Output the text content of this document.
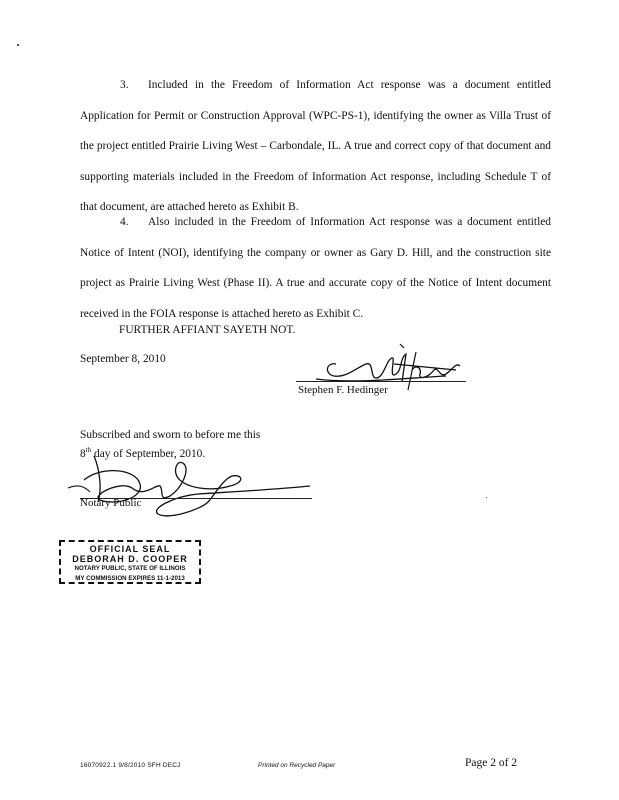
3. Included in the Freedom of Information Act response was a document entitled Application for Permit or Construction Approval (WPC-PS-1), identifying the owner as Villa Trust of the project entitled Prairie Living West – Carbondale, IL. A true and correct copy of that document and supporting materials included in the Freedom of Information Act response, including Schedule T of that document, are attached hereto as Exhibit B.

4. Also included in the Freedom of Information Act response was a document entitled Notice of Intent (NOI), identifying the company or owner as Gary D. Hill, and the construction site project as Prairie Living West (Phase II). A true and accurate copy of the Notice of Intent document received in the FOIA response is attached hereto as Exhibit C.

FURTHER AFFIANT SAYETH NOT.

September 8, 2010

Stephen F. Hedinger

Subscribed and sworn to before me this
8th day of September, 2010.

Notary Public

OFFICIAL SEAL
DEBORAH D. COOPER
NOTARY PUBLIC, STATE OF ILLINOIS
MY COMMISSION EXPIRES 11-1-2013

16070922.1 9/8/2010 SFH DECJ	Printed on Recycled Paper	Page 2 of 2
